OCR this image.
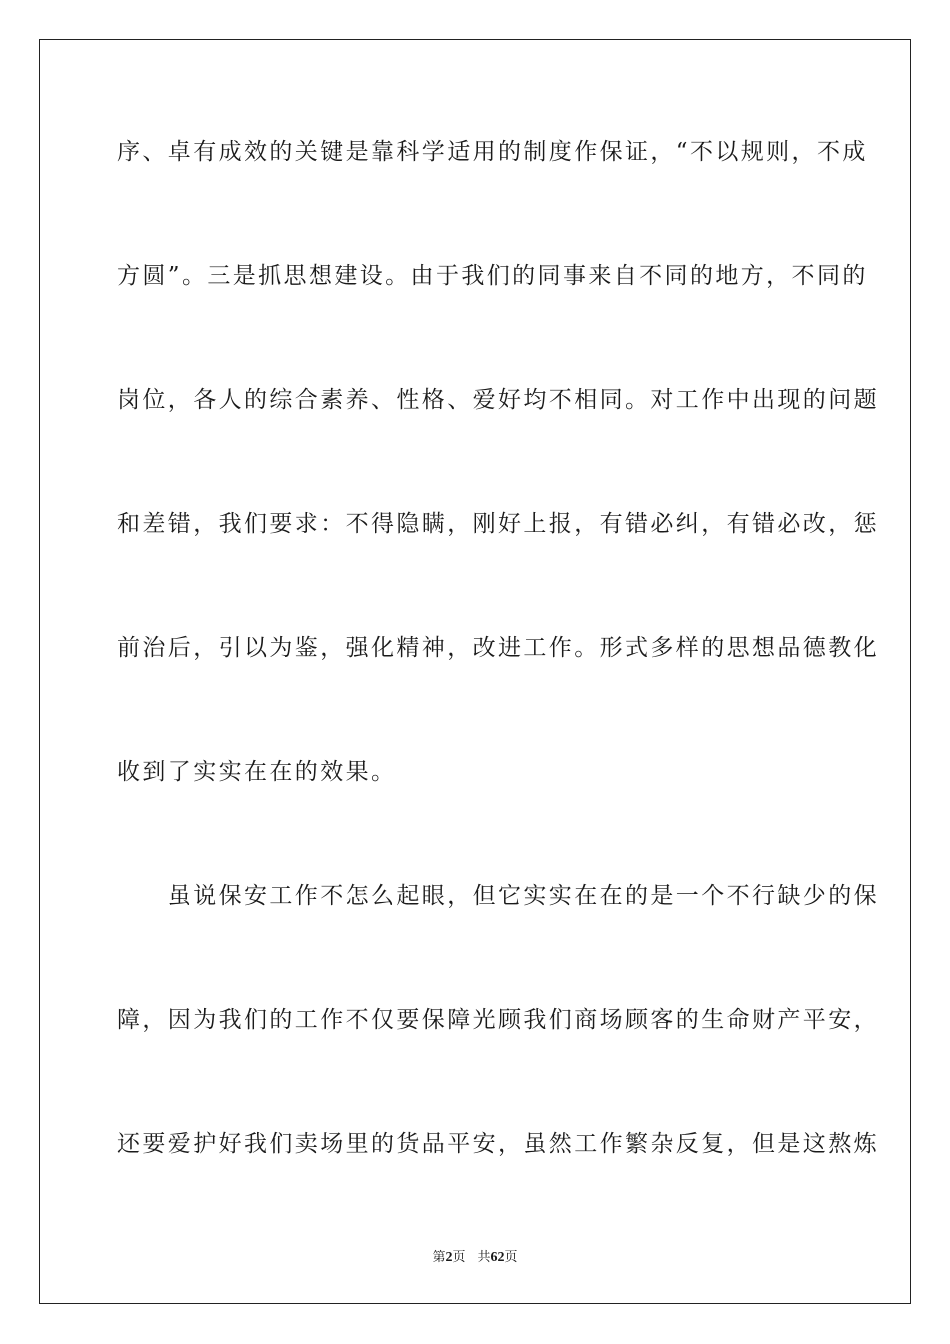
序、卓有成效的关键是靠科学适用的制度作保证，“不以规则，不成
方圆”。三是抓思想建设。由于我们的同事来自不同的地方，不同的
岗位，各人的综合素养、性格、爱好均不相同。对工作中出现的问题
和差错，我们要求：不得隐瞒，刚好上报，有错必纠，有错必改，惩
前治后，引以为鉴，强化精神，改进工作。形式多样的思想品德教化
收到了实实在在的效果。
　　虽说保安工作不怎么起眼，但它实实在在的是一个不行缺少的保
障，因为我们的工作不仅要保障光顾我们商场顾客的生命财产平安，
还要爱护好我们卖场里的货品平安，虽然工作繁杂反复，但是这熬炼
第2页 共62页
